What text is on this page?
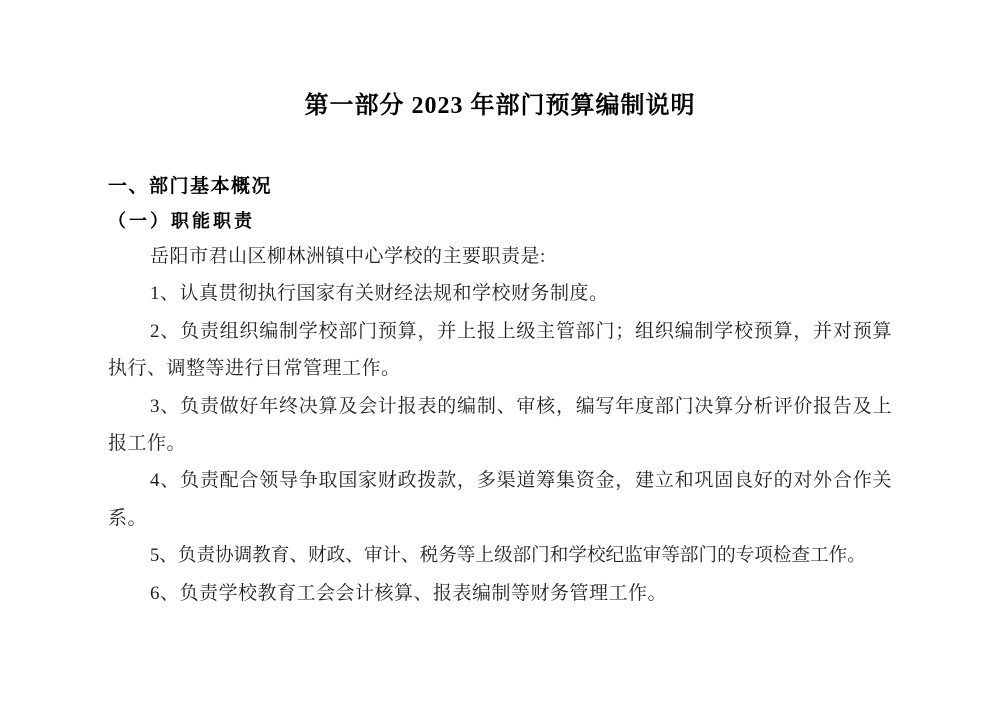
第一部分 2023 年部门预算编制说明
一、部门基本概况
（一）职能职责

岳阳市君山区柳林洲镇中心学校的主要职责是:

1、认真贯彻执行国家有关财经法规和学校财务制度。

2、负责组织编制学校部门预算，并上报上级主管部门；组织编制学校预算，并对预算执行、调整等进行日常管理工作。

3、负责做好年终决算及会计报表的编制、审核，编写年度部门决算分析评价报告及上报工作。

4、负责配合领导争取国家财政拨款，多渠道筹集资金，建立和巩固良好的对外合作关系。

5、负责协调教育、财政、审计、税务等上级部门和学校纪监审等部门的专项检查工作。

6、负责学校教育工会会计核算、报表编制等财务管理工作。
